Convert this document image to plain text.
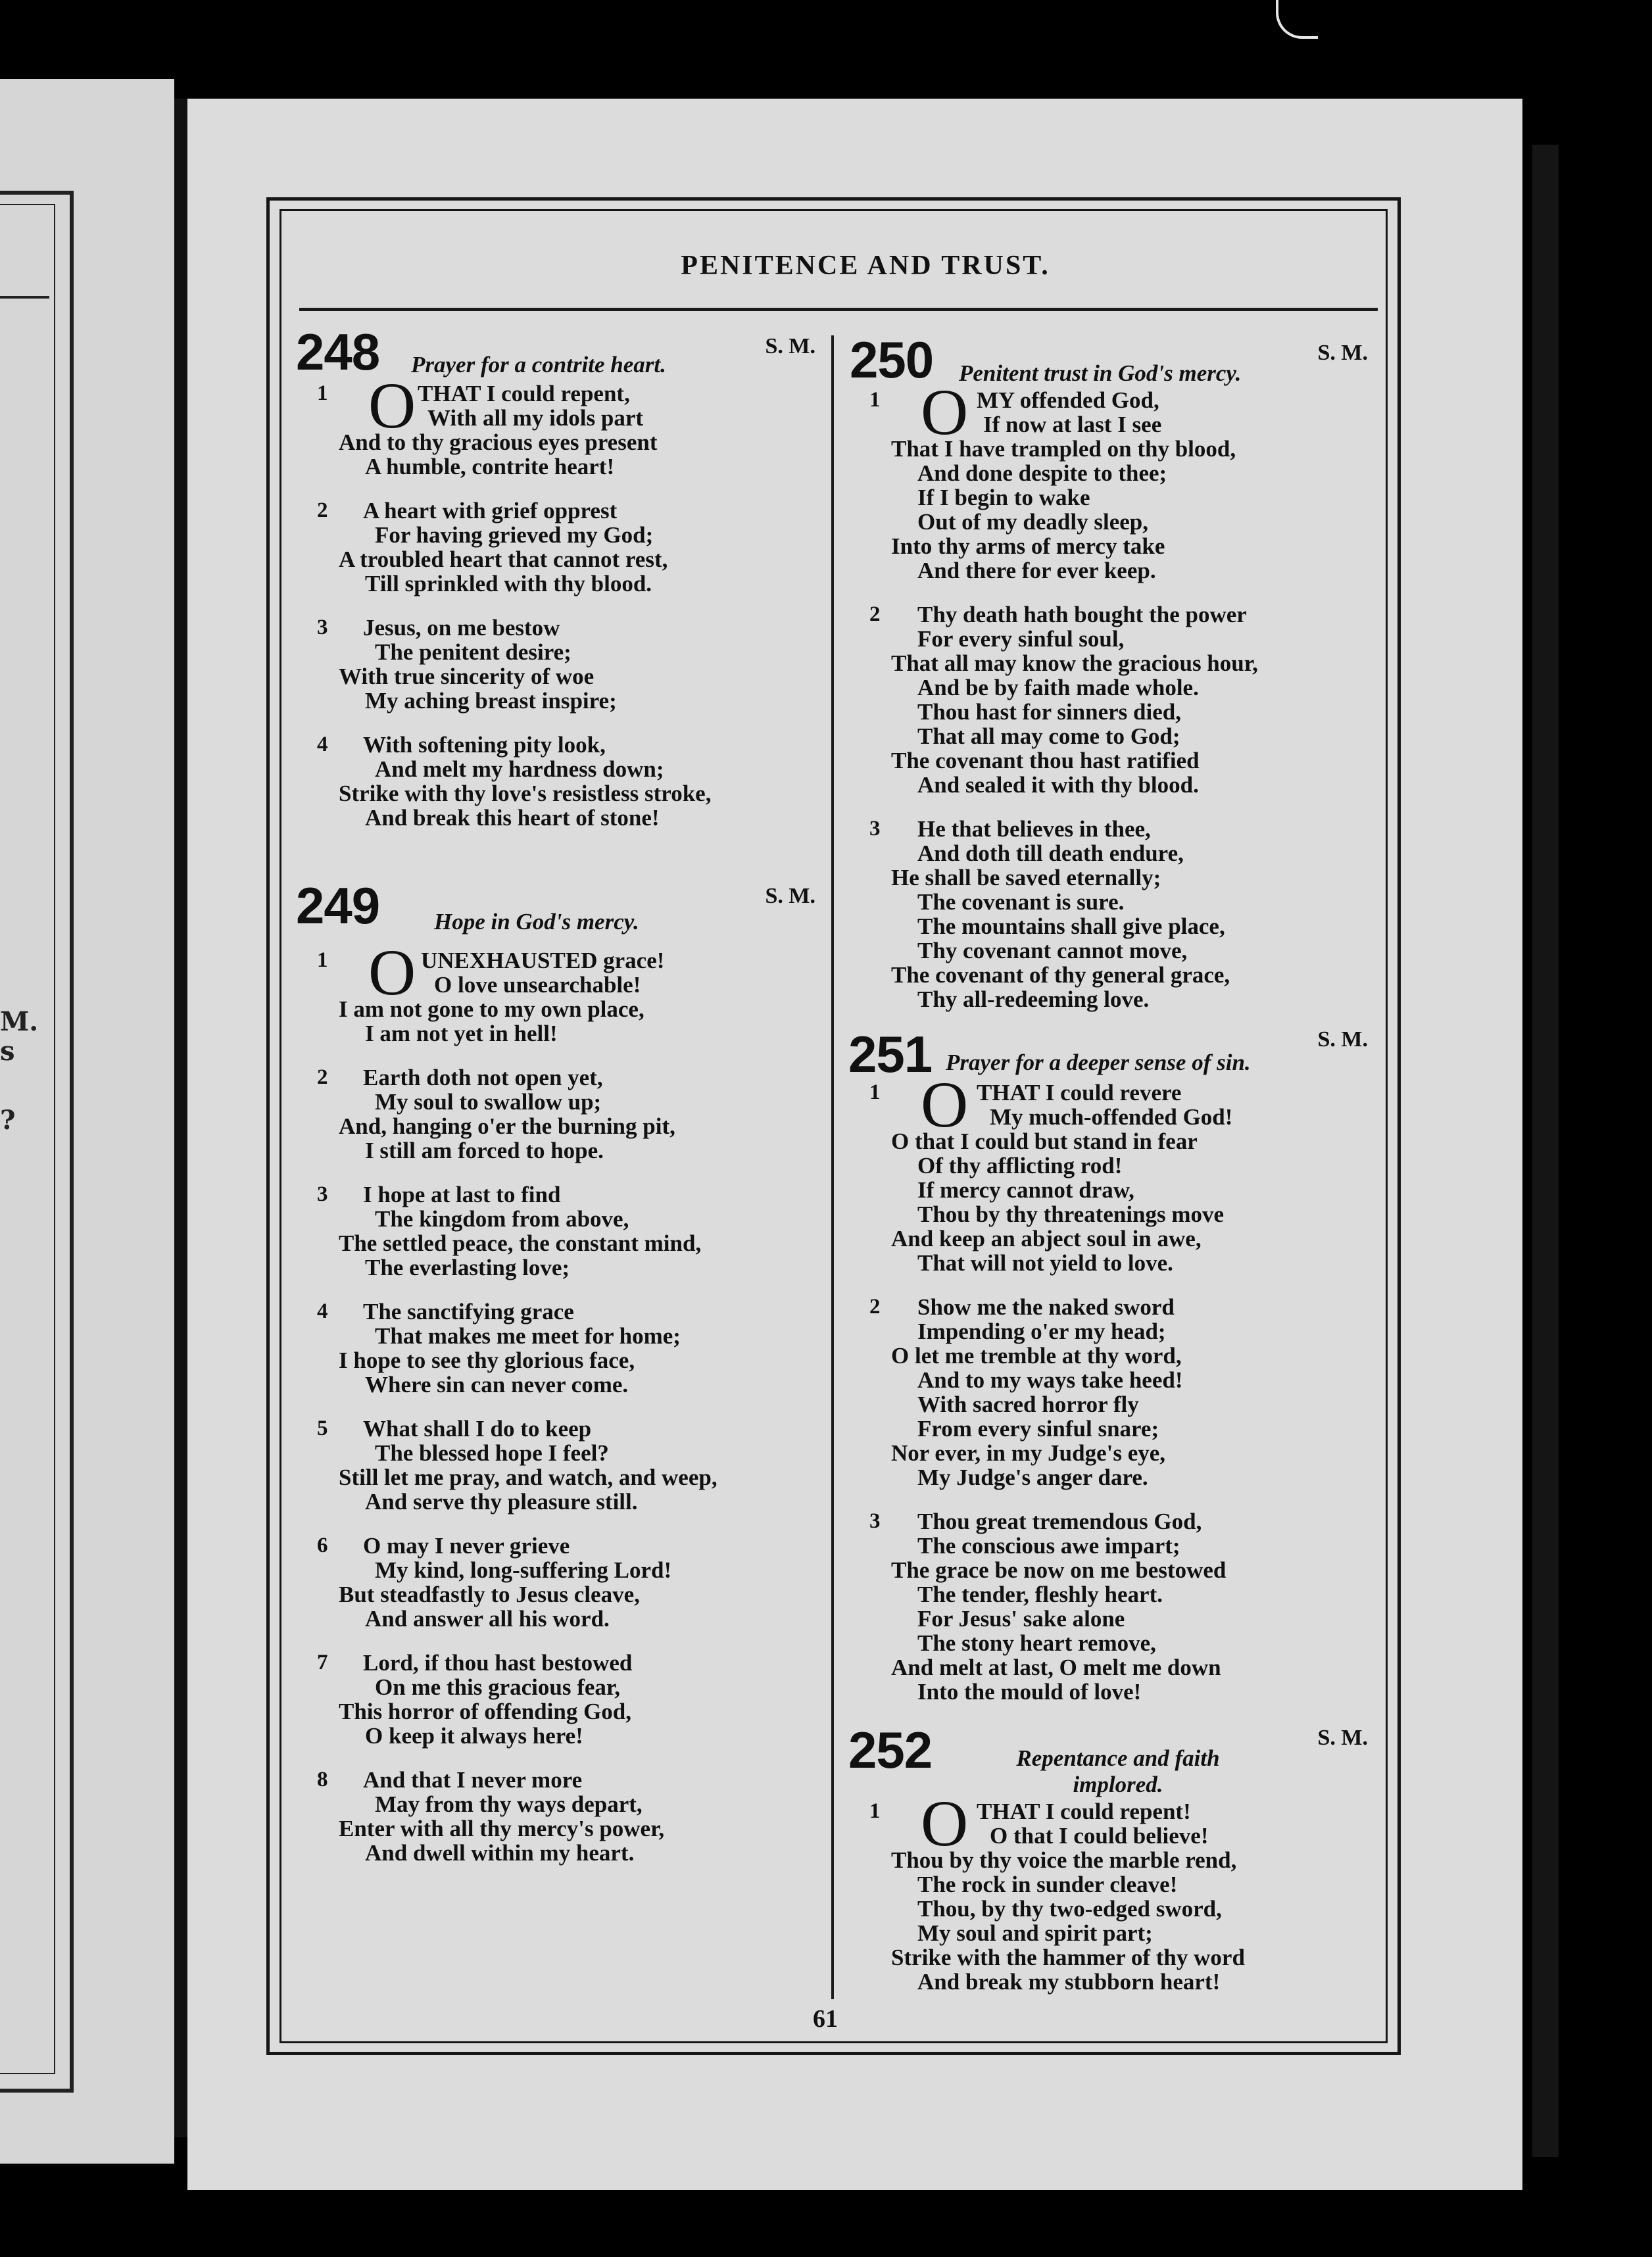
M.
s
?
PENITENCE AND TRUST.
248 Prayer for a contrite heart.
S. M.
1 O THAT I could repent,
With all my idols part
And to thy gracious eyes present
A humble, contrite heart!
2	A heart with grief opprest
For having grieved my God;
A troubled heart that cannot rest,
Till sprinkled with thy blood.
3	Jesus, on me bestow
The penitent desire;
With true sincerity of woe
My aching breast inspire;
4	With softening pity look,
And melt my hardness down;
Strike with thy love's resistless stroke,
And break this heart of stone!
249 Hope in God's mercy.
S. M.
1 O UNEXHAUSTED grace!
O love unsearchable!
I am not gone to my own place,
I am not yet in hell!
2	Earth doth not open yet,
My soul to swallow up;
And, hanging o'er the burning pit,
I still am forced to hope.
3	I hope at last to find
The kingdom from above,
The settled peace, the constant mind,
The everlasting love;
4	The sanctifying grace
That makes me meet for home;
I hope to see thy glorious face,
Where sin can never come.
5	What shall I do to keep
The blessed hope I feel?
Still let me pray, and watch, and weep,
And serve thy pleasure still.
6	O may I never grieve
My kind, long-suffering Lord!
But steadfastly to Jesus cleave,
And answer all his word.
7	Lord, if thou hast bestowed
On me this gracious fear,
This horror of offending God,
O keep it always here!
8	And that I never more
May from thy ways depart,
Enter with all thy mercy's power,
And dwell within my heart.
250 Penitent trust in God's mercy.
S. M.
1 O MY offended God,
If now at last I see
That I have trampled on thy blood,
And done despite to thee;
If I begin to wake
Out of my deadly sleep,
Into thy arms of mercy take
And there for ever keep.
2	Thy death hath bought the power
For every sinful soul,
That all may know the gracious hour,
And be by faith made whole.
Thou hast for sinners died,
That all may come to God;
The covenant thou hast ratified
And sealed it with thy blood.
3	He that believes in thee,
And doth till death endure,
He shall be saved eternally;
The covenant is sure.
The mountains shall give place,
Thy covenant cannot move,
The covenant of thy general grace,
Thy all-redeeming love.
251 Prayer for a deeper sense of sin.
S. M.
1 O THAT I could revere
My much-offended God!
O that I could but stand in fear
Of thy afflicting rod!
If mercy cannot draw,
Thou by thy threatenings move
And keep an abject soul in awe,
That will not yield to love.
2	Show me the naked sword
Impending o'er my head;
O let me tremble at thy word,
And to my ways take heed!
With sacred horror fly
From every sinful snare;
Nor ever, in my Judge's eye,
My Judge's anger dare.
3	Thou great tremendous God,
The conscious awe impart;
The grace be now on me bestowed
The tender, fleshly heart.
For Jesus' sake alone
The stony heart remove,
And melt at last, O melt me down
Into the mould of love!
252	Repentance and faith implored.
S. M.
1 O THAT I could repent!
O that I could believe!
Thou by thy voice the marble rend,
The rock in sunder cleave!
Thou, by thy two-edged sword,
My soul and spirit part;
Strike with the hammer of thy word
And break my stubborn heart!
61
